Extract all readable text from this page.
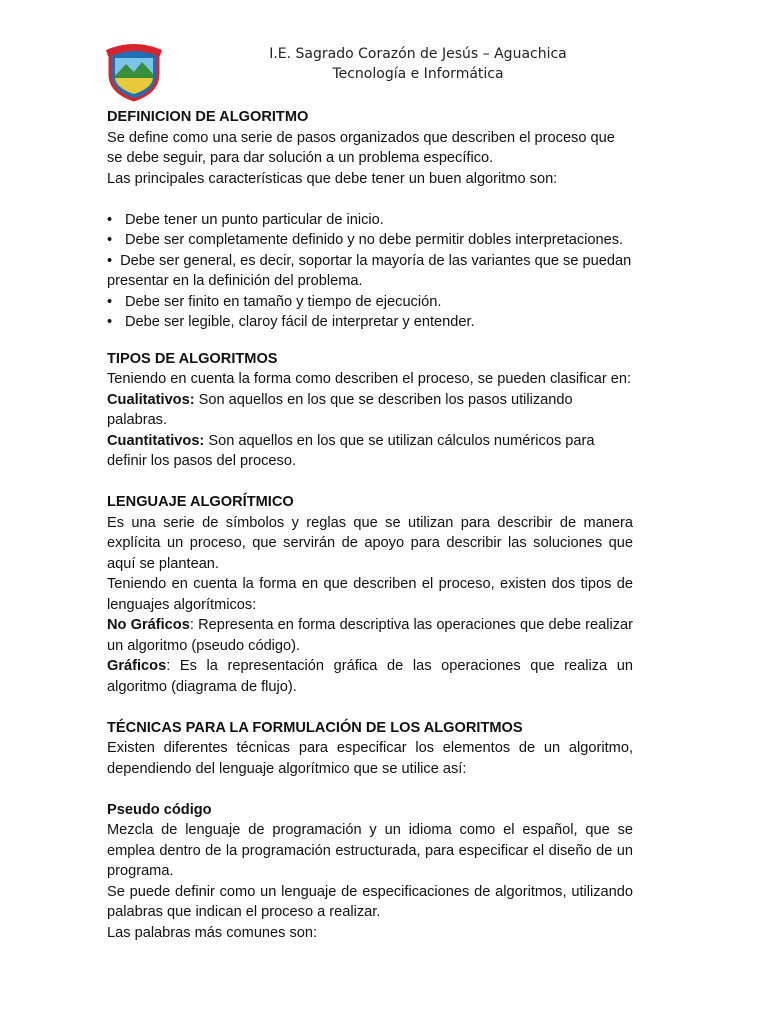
I.E. Sagrado Corazón de Jesús – Aguachica
Tecnología e Informática

DEFINICION DE ALGORITMO

Se define como una serie de pasos organizados que describen el proceso que se debe seguir, para dar solución a un problema específico.

Las principales características que debe tener un buen algoritmo son:

• Debe tener un punto particular de inicio.
• Debe ser completamente definido y no debe permitir dobles interpretaciones.
• Debe ser general, es decir, soportar la mayoría de las variantes que se puedan presentar en la definición del problema.
• Debe ser finito en tamaño y tiempo de ejecución.
• Debe ser legible, claroy fácil de interpretar y entender.

TIPOS DE ALGORITMOS

Teniendo en cuenta la forma como describen el proceso, se pueden clasificar en:

Cualitativos: Son aquellos en los que se describen los pasos utilizando palabras.

Cuantitativos: Son aquellos en los que se utilizan cálculos numéricos para definir los pasos del proceso.

LENGUAJE ALGORÍTMICO

Es una serie de símbolos y reglas que se utilizan para describir de manera explícita un proceso, que servirán de apoyo para describir las soluciones que aquí se plantean.

Teniendo en cuenta la forma en que describen el proceso, existen dos tipos de lenguajes algorítmicos:

No Gráficos: Representa en forma descriptiva las operaciones que debe realizar un algoritmo (pseudo código).

Gráficos: Es la representación gráfica de las operaciones que realiza un algoritmo (diagrama de flujo).

TÉCNICAS PARA LA FORMULACIÓN DE LOS ALGORITMOS

Existen diferentes técnicas para especificar los elementos de un algoritmo, dependiendo del lenguaje algorítmico que se utilice así:

Pseudo código

Mezcla de lenguaje de programación y un idioma como el español, que se emplea dentro de la programación estructurada, para especificar el diseño de un programa.

Se puede definir como un lenguaje de especificaciones de algoritmos, utilizando palabras que indican el proceso a realizar.

Las palabras más comunes son:
